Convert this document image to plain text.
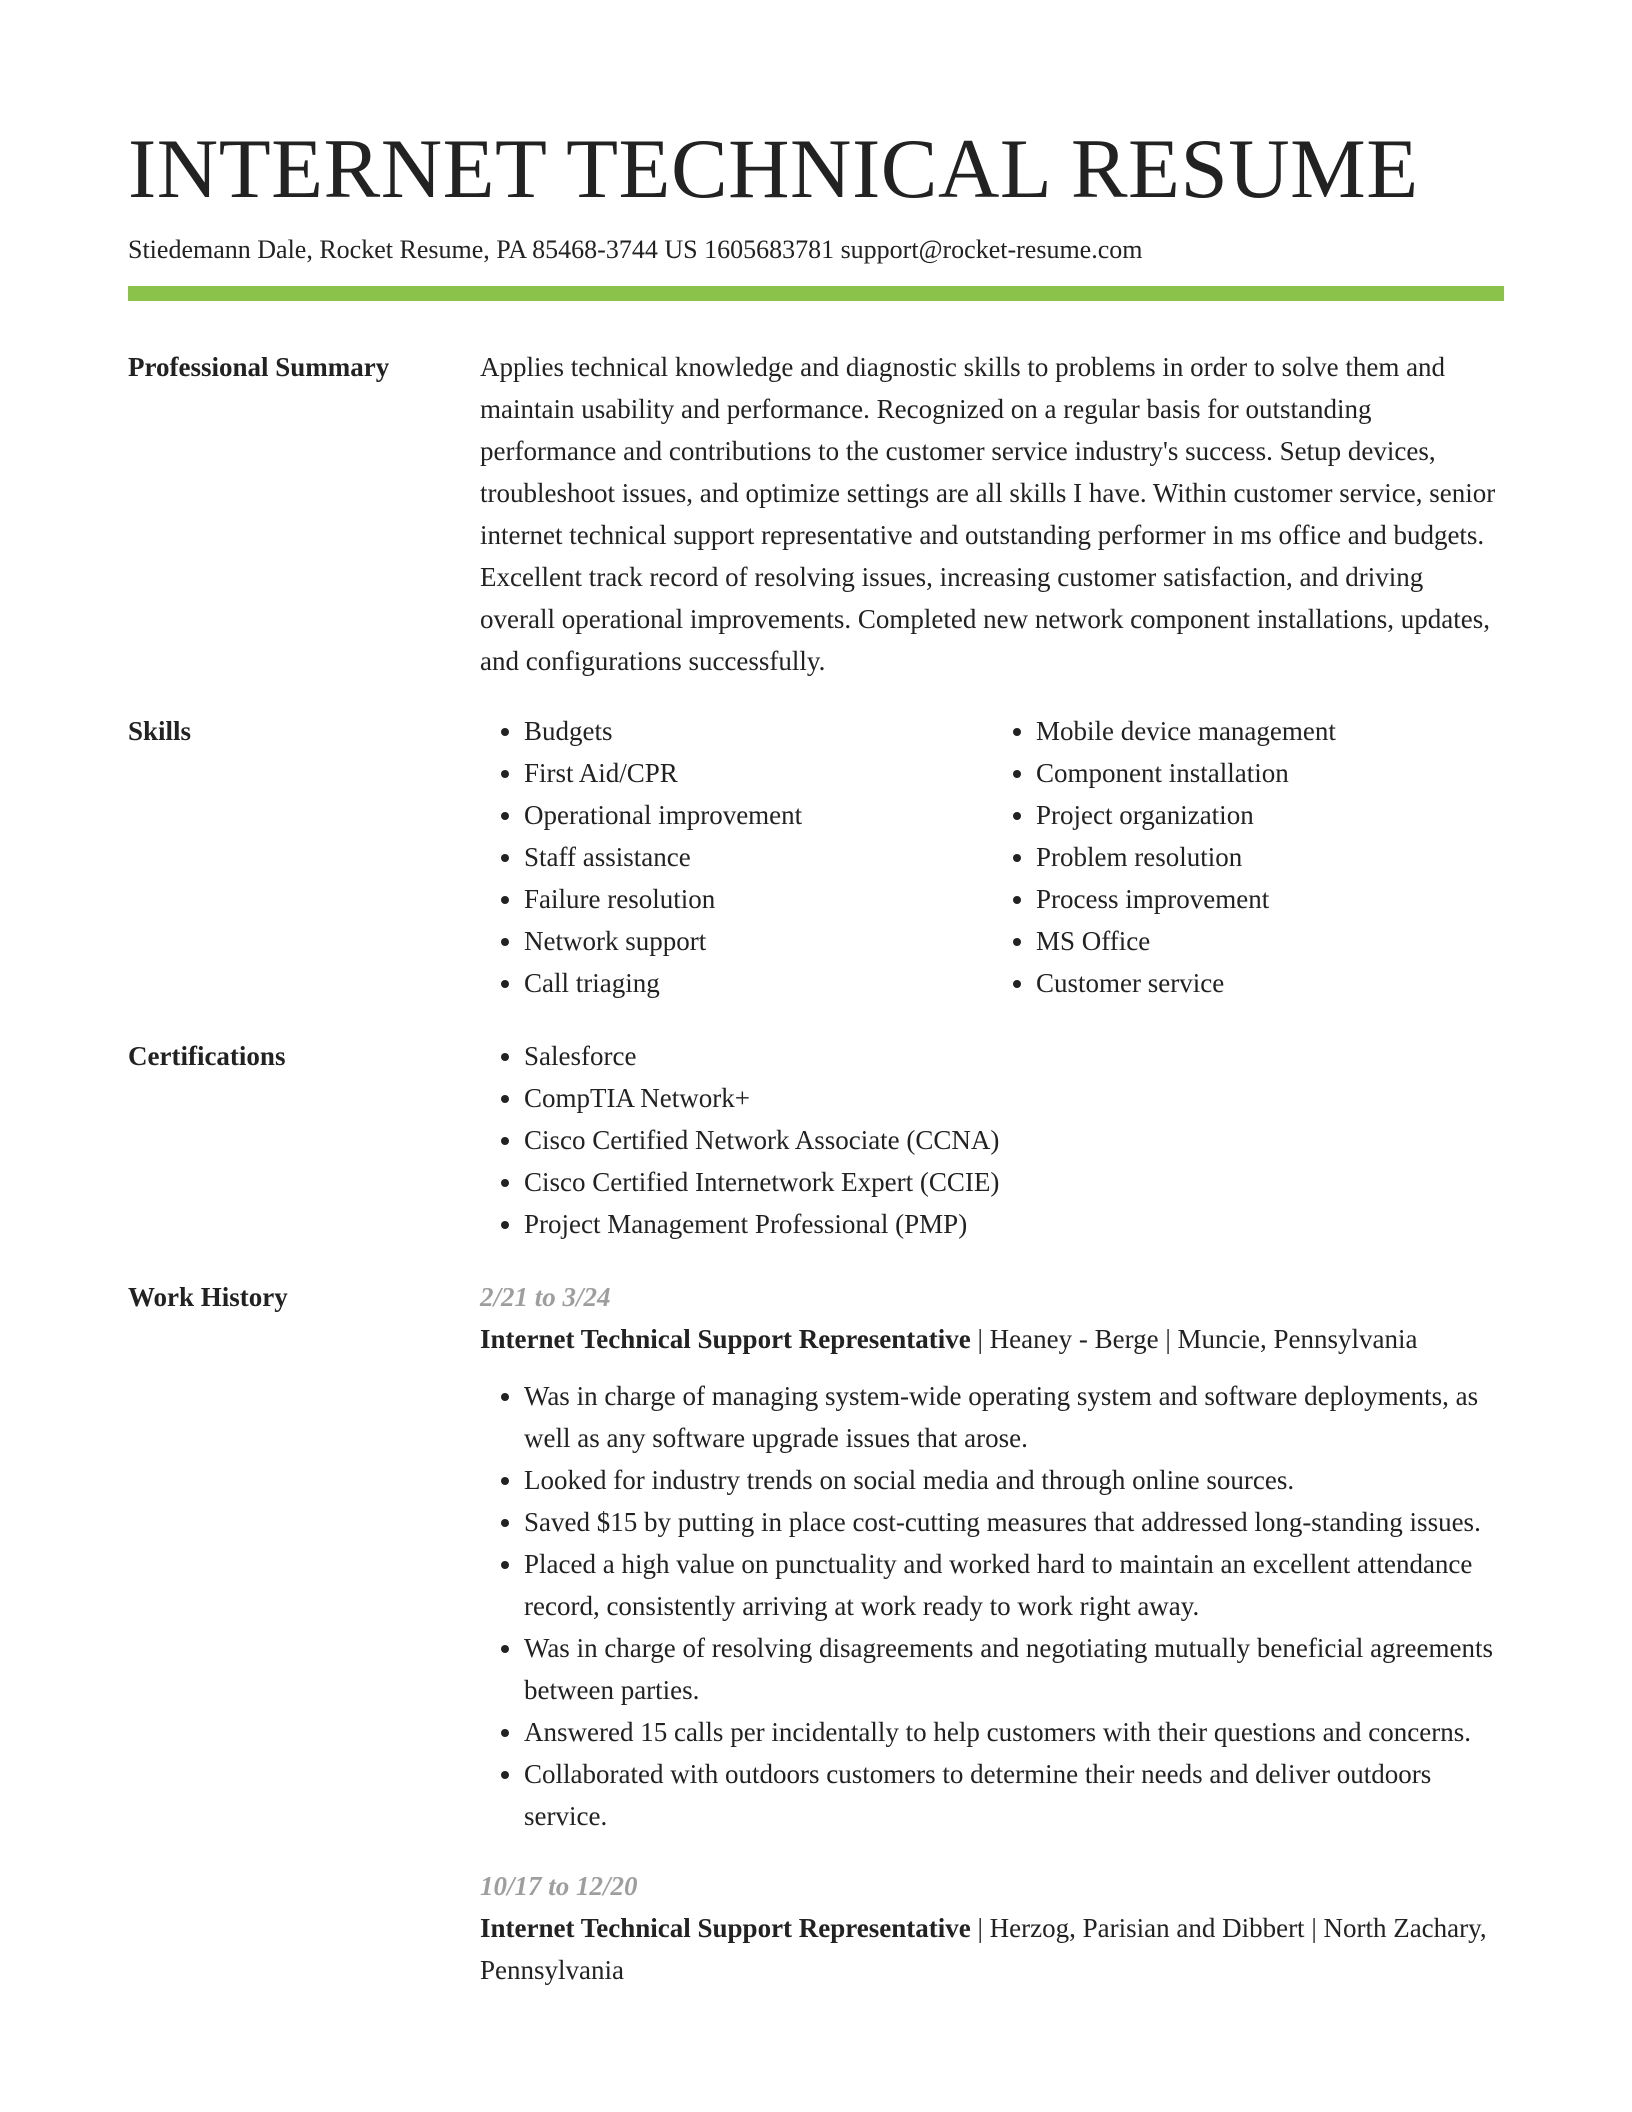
INTERNET TECHNICAL RESUME
Stiedemann Dale, Rocket Resume, PA 85468-3744 US 1605683781 support@rocket-resume.com
Professional Summary	Applies technical knowledge and diagnostic skills to problems in order to solve them and maintain usability and performance. Recognized on a regular basis for outstanding performance and contributions to the customer service industry's success. Setup devices, troubleshoot issues, and optimize settings are all skills I have. Within customer service, senior internet technical support representative and outstanding performer in ms office and budgets. Excellent track record of resolving issues, increasing customer satisfaction, and driving overall operational improvements. Completed new network component installations, updates, and configurations successfully.

Skills	• Budgets
• First Aid/CPR
• Operational improvement
• Staff assistance
• Failure resolution
• Network support
• Call triaging
• Mobile device management
• Component installation
• Project organization
• Problem resolution
• Process improvement
• MS Office
• Customer service
Certifications	• Salesforce
• CompTIA Network+
• Cisco Certified Network Associate (CCNA)
• Cisco Certified Internetwork Expert (CCIE)
• Project Management Professional (PMP)
Work History	2/21 to 3/24

Internet Technical Support Representative | Heaney - Berge | Muncie, Pennsylvania

• Was in charge of managing system-wide operating system and software deployments, as well as any software upgrade issues that arose.
• Looked for industry trends on social media and through online sources.
• Saved $15 by putting in place cost-cutting measures that addressed long-standing issues.
• Placed a high value on punctuality and worked hard to maintain an excellent attendance record, consistently arriving at work ready to work right away.
• Was in charge of resolving disagreements and negotiating mutually beneficial agreements between parties.
• Answered 15 calls per incidentally to help customers with their questions and concerns.
• Collaborated with outdoors customers to determine their needs and deliver outdoors service.
10/17 to 12/20

Internet Technical Support Representative | Herzog, Parisian and Dibbert | North Zachary, Pennsylvania
